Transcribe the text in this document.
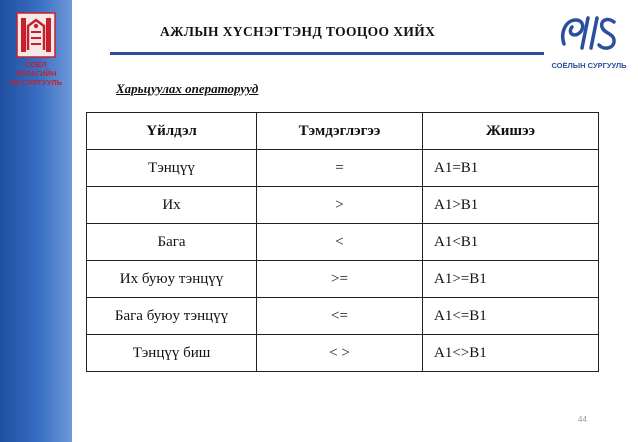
СОЁЛ УРЛАГИЙН
ИХ СУРГУУЛЬ
АЖЛЫН ХҮСНЭГТЭНД ТООЦОО ХИЙХ
СОЁЛЫН СУРГУУЛЬ
Харьцуулах операторууд
Үйлдэл	Тэмдэглэгээ	Жишээ
Тэнцүү	=	A1=B1
Их	>	A1>B1
Бага	<	A1<B1
Их буюу тэнцүү	>=	A1>=B1
Бага буюу тэнцүү	<=	A1<=B1
Тэнцүү биш	< >	A1<>B1
44
